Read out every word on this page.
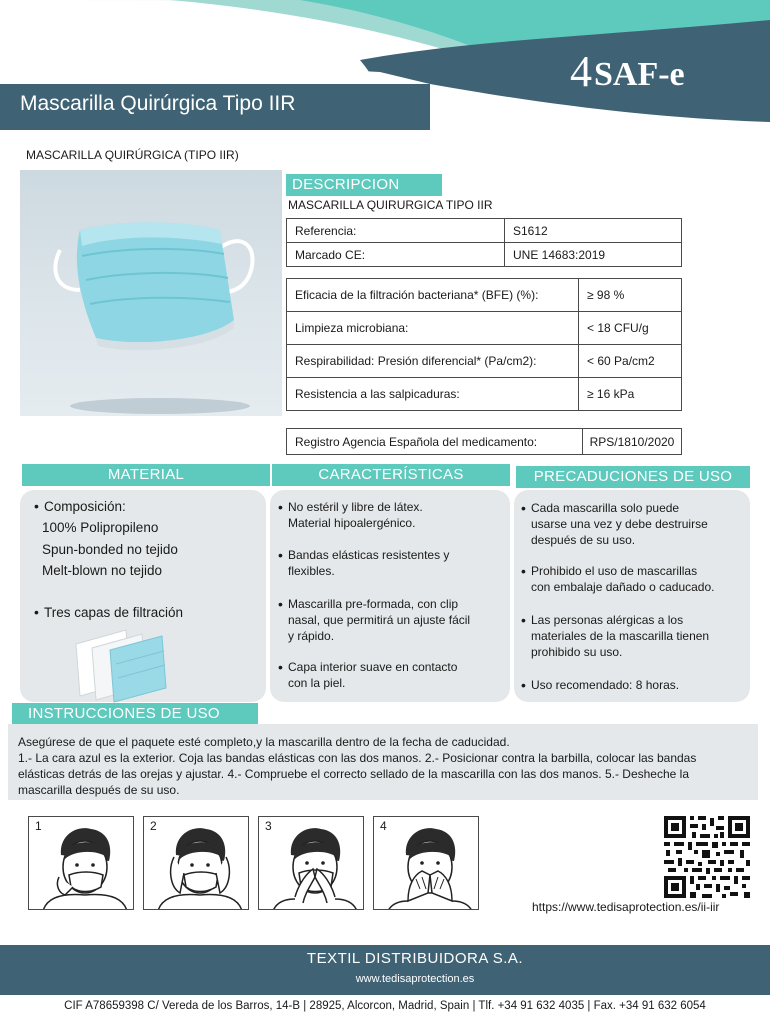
Mascarilla Quirúrgica Tipo IIR
4 SAF-e
MASCARILLA QUIRÚRGICA (TIPO IIR)
DESCRIPCION
MASCARILLA QUIRURGICA TIPO IIR
Referencia:	S1612
Marcado CE:	UNE 14683:2019
Eficacia de la filtración bacteriana* (BFE) (%):	≥ 98 %
Limpieza microbiana:	< 18 CFU/g
Respirabilidad: Presión diferencial* (Pa/cm2):	< 60 Pa/cm2
Resistencia a las salpicaduras:	≥ 16 kPa
Registro Agencia Española del medicamento:	RPS/1810/2020
MATERIAL
• Composición:
100% Polipropileno
Spun-bonded no tejido
Melt-blown no tejido
• Tres capas de filtración
CARACTERÍSTICAS
• No estéril y libre de látex.
Material hipoalergénico.
• Bandas elásticas resistentes y
flexibles.
• Mascarilla pre-formada, con clip
nasal, que permitirá un ajuste fácil
y rápido.
• Capa interior suave en contacto
con la piel.
PRECADUCIONES DE USO
• Cada mascarilla solo puede
usarse una vez y debe destruirse
después de su uso.
• Prohibido el uso de mascarillas
con embalaje dañado o caducado.
• Las personas alérgicas a los
materiales de la mascarilla tienen
prohibido su uso.
• Uso recomendado: 8 horas.
INSTRUCCIONES DE USO
Asegúrese de que el paquete esté completo,y la mascarilla dentro de la fecha de caducidad.
1.- La cara azul es la exterior. Coja las bandas elásticas con las dos manos. 2.- Posicionar contra la barbilla, colocar las bandas
elásticas detrás de las orejas y ajustar. 4.- Compruebe el correcto sellado de la mascarilla con las dos manos. 5.- Desheche la
mascarilla después de su uso.
1	2	3	4
https://www.tedisaprotection.es/ii-iir
TEXTIL DISTRIBUIDORA S.A.
www.tedisaprotection.es
CIF A78659398 C/ Vereda de los Barros, 14-B | 28925, Alcorcon, Madrid, Spain | Tlf. +34 91 632 4035 | Fax. +34 91 632 6054
